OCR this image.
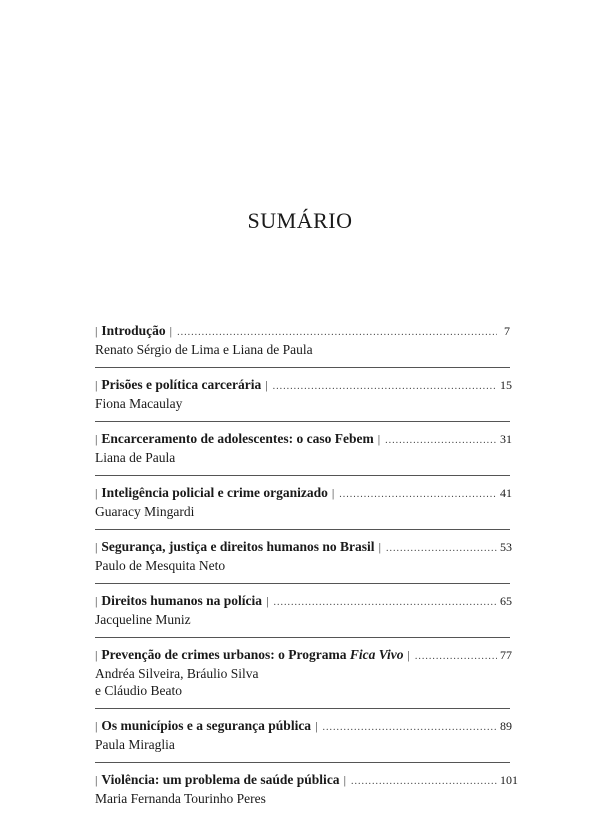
SUMÁRIO
| Introdução | .....	7
Renato Sérgio de Lima e Liana de Paula
| Prisões e política carcerária | .....	15
Fiona Macaulay
| Encarceramento de adolescentes: o caso Febem | .....	31
Liana de Paula
| Inteligência policial e crime organizado | .....	41
Guaracy Mingardi
| Segurança, justiça e direitos humanos no Brasil | .....	53
Paulo de Mesquita Neto
| Direitos humanos na polícia | .....	65
Jacqueline Muniz
| Prevenção de crimes urbanos: o Programa Fica Vivo | .....	77
Andréa Silveira, Bráulio Silva
e Cláudio Beato
| Os municípios e a segurança pública | .....	89
Paula Miraglia
| Violência: um problema de saúde pública | .....	101
Maria Fernanda Tourinho Peres
